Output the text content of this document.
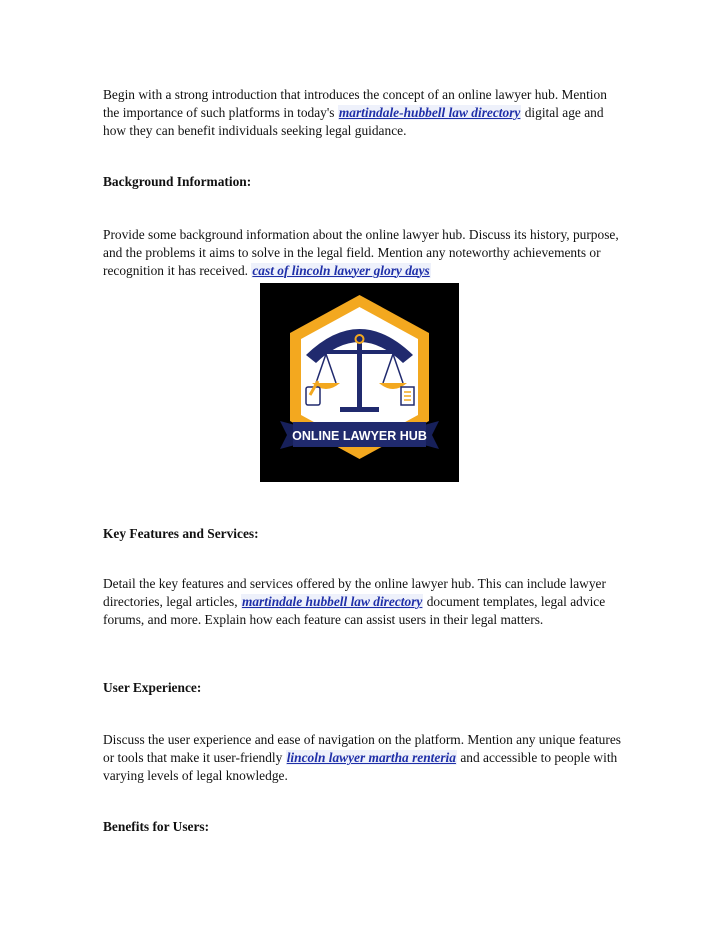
Begin with a strong introduction that introduces the concept of an online lawyer hub. Mention the importance of such platforms in today's martindale-hubbell law directory digital age and how they can benefit individuals seeking legal guidance.

Background Information:

Provide some background information about the online lawyer hub. Discuss its history, purpose, and the problems it aims to solve in the legal field. Mention any noteworthy achievements or recognition it has received. cast of lincoln lawyer glory days

ONLINE LAWYER HUB

Key Features and Services:

Detail the key features and services offered by the online lawyer hub. This can include lawyer directories, legal articles, martindale hubbell law directory document templates, legal advice forums, and more. Explain how each feature can assist users in their legal matters.

User Experience:

Discuss the user experience and ease of navigation on the platform. Mention any unique features or tools that make it user-friendly lincoln lawyer martha renteria and accessible to people with varying levels of legal knowledge.

Benefits for Users:
